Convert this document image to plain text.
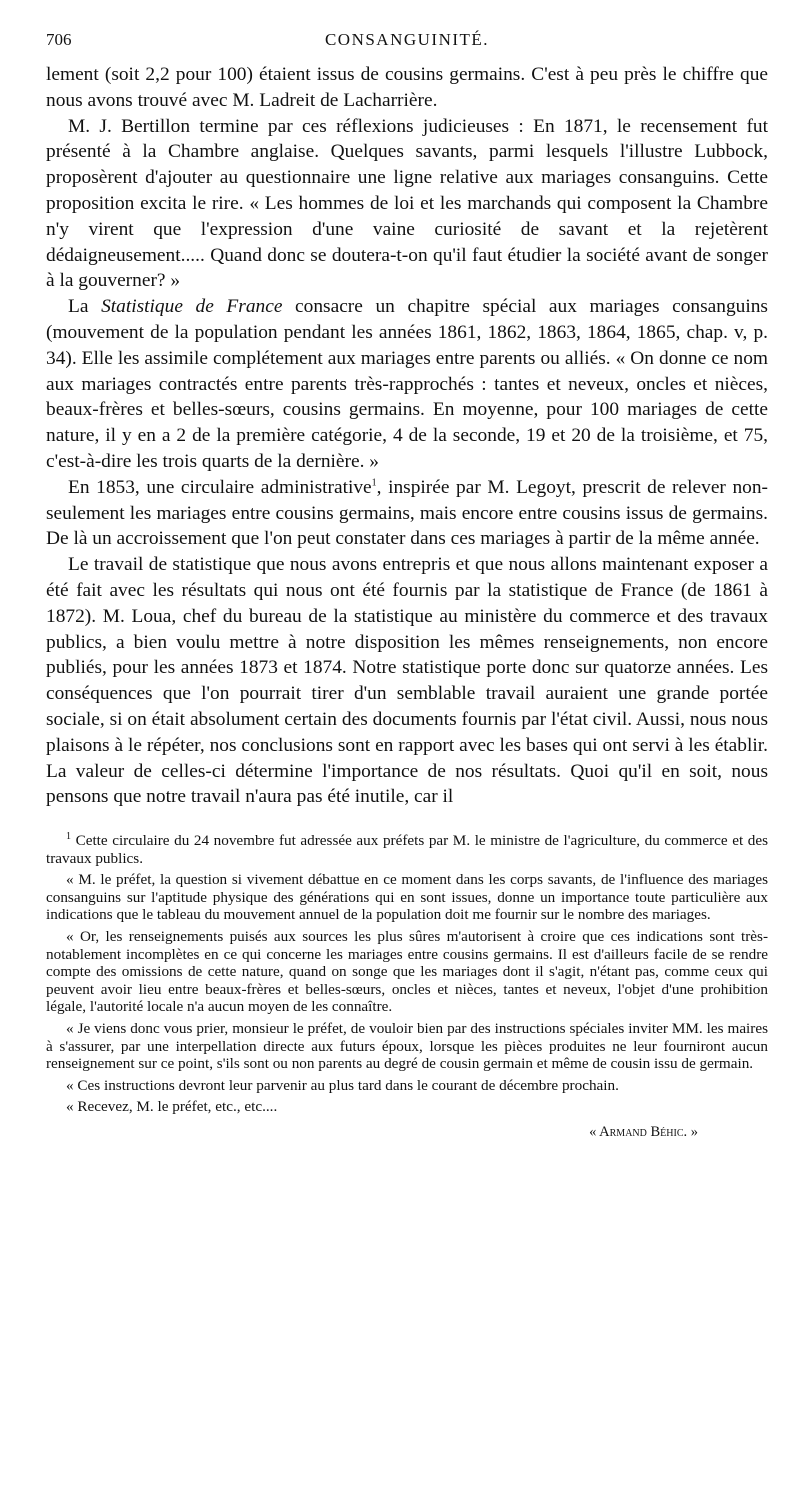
706	CONSANGUINITÉ.

lement (soit 2,2 pour 100) étaient issus de cousins germains. C'est à peu près le chiffre que nous avons trouvé avec M. Ladreit de Lacharrière.

M. J. Bertillon termine par ces réflexions judicieuses : En 1871, le recensement fut présenté à la Chambre anglaise. Quelques savants, parmi lesquels l'illustre Lubbock, proposèrent d'ajouter au questionnaire une ligne relative aux mariages consanguins. Cette proposition excita le rire. « Les hommes de loi et les marchands qui composent la Chambre n'y virent que l'expression d'une vaine curiosité de savant et la rejetèrent dédaigneusement..... Quand donc se doutera-t-on qu'il faut étudier la société avant de songer à la gouverner? »

La Statistique de France consacre un chapitre spécial aux mariages consanguins (mouvement de la population pendant les années 1861, 1862, 1863, 1864, 1865, chap. v, p. 34). Elle les assimile complétement aux mariages entre parents ou alliés. « On donne ce nom aux mariages contractés entre parents très-rapprochés : tantes et neveux, oncles et nièces, beaux-frères et belles-sœurs, cousins germains. En moyenne, pour 100 mariages de cette nature, il y en a 2 de la première catégorie, 4 de la seconde, 19 et 20 de la troisième, et 75, c'est-à-dire les trois quarts de la dernière. »

En 1853, une circulaire administrative$^1$, inspirée par M. Legoyt, prescrit de relever non-seulement les mariages entre cousins germains, mais encore entre cousins issus de germains. De là un accroissement que l'on peut constater dans ces mariages à partir de la même année.

Le travail de statistique que nous avons entrepris et que nous allons maintenant exposer a été fait avec les résultats qui nous ont été fournis par la statistique de France (de 1861 à 1872). M. Loua, chef du bureau de la statistique au ministère du commerce et des travaux publics, a bien voulu mettre à notre disposition les mêmes renseignements, non encore publiés, pour les années 1873 et 1874. Notre statistique porte donc sur quatorze années. Les conséquences que l'on pourrait tirer d'un semblable travail auraient une grande portée sociale, si on était absolument certain des documents fournis par l'état civil. Aussi, nous nous plaisons à le répéter, nos conclusions sont en rapport avec les bases qui ont servi à les établir. La valeur de celles-ci détermine l'importance de nos résultats. Quoi qu'il en soit, nous pensons que notre travail n'aura pas été inutile, car il

$^1$ Cette circulaire du 24 novembre fut adressée aux préfets par M. le ministre de l'agriculture, du commerce et des travaux publics.

« M. le préfet, la question si vivement débattue en ce moment dans les corps savants, de l'influence des mariages consanguins sur l'aptitude physique des générations qui en sont issues, donne un importance toute particulière aux indications que le tableau du mouvement annuel de la population doit me fournir sur le nombre des mariages.

« Or, les renseignements puisés aux sources les plus sûres m'autorisent à croire que ces indications sont très-notablement incomplètes en ce qui concerne les mariages entre cousins germains. Il est d'ailleurs facile de se rendre compte des omissions de cette nature, quand on songe que les mariages dont il s'agit, n'étant pas, comme ceux qui peuvent avoir lieu entre beaux-frères et belles-sœurs, oncles et nièces, tantes et neveux, l'objet d'une prohibition légale, l'autorité locale n'a aucun moyen de les connaître.

« Je viens donc vous prier, monsieur le préfet, de vouloir bien par des instructions spéciales inviter MM. les maires à s'assurer, par une interpellation directe aux futurs époux, lorsque les pièces produites ne leur fourniront aucun renseignement sur ce point, s'ils sont ou non parents au degré de cousin germain et même de cousin issu de germain.

« Ces instructions devront leur parvenir au plus tard dans le courant de décembre prochain.

« Recevez, M. le préfet, etc., etc....

« Armand Béhic. »
